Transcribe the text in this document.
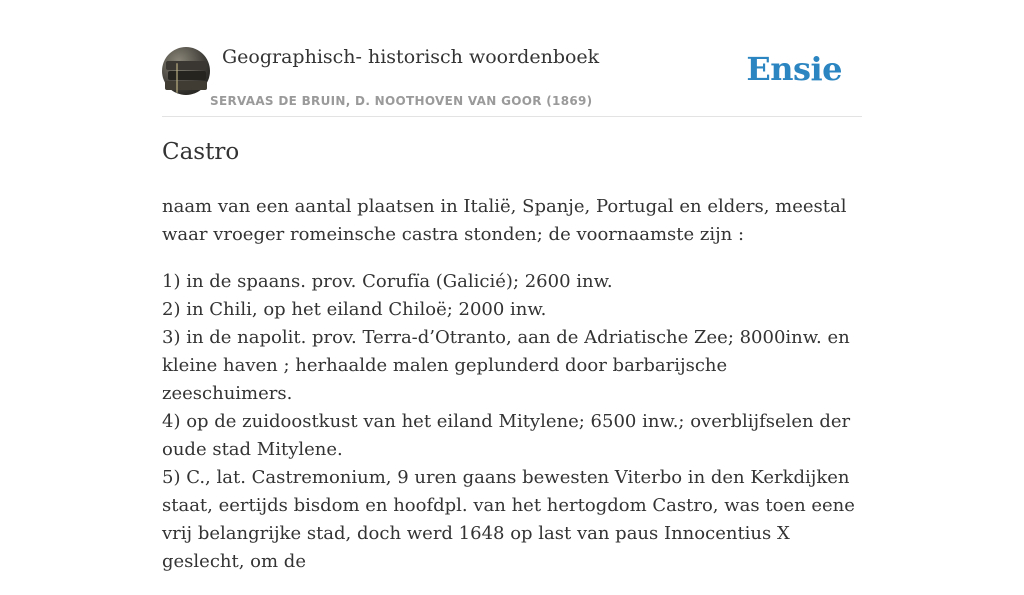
Geographisch- historisch woordenboek
SERVAAS DE BRUIN, D. NOOTHOVEN VAN GOOR (1869)
Ensie
Castro

naam van een aantal plaatsen in Italië, Spanje, Portugal en elders, meestal waar vroeger romeinsche castra stonden; de voornaamste zijn :

1) in de spaans. prov. Corufïa (Galicié); 2600 inw.
2) in Chili, op het eiland Chiloë; 2000 inw.
3) in de napolit. prov. Terra-d’Otranto, aan de Adriatische Zee; 8000inw. en kleine haven ; herhaalde malen geplunderd door barbarijsche zeeschuimers.
4) op de zuidoostkust van het eiland Mitylene; 6500 inw.; overblijfselen der oude stad Mitylene.
5) C., lat. Castremonium, 9 uren gaans bewesten Viterbo in den Kerkdijken staat, eertijds bisdom en hoofdpl. van het hertogdom Castro, was toen eene vrij belangrijke stad, doch werd 1648 op last van paus Innocentius X geslecht, om de
